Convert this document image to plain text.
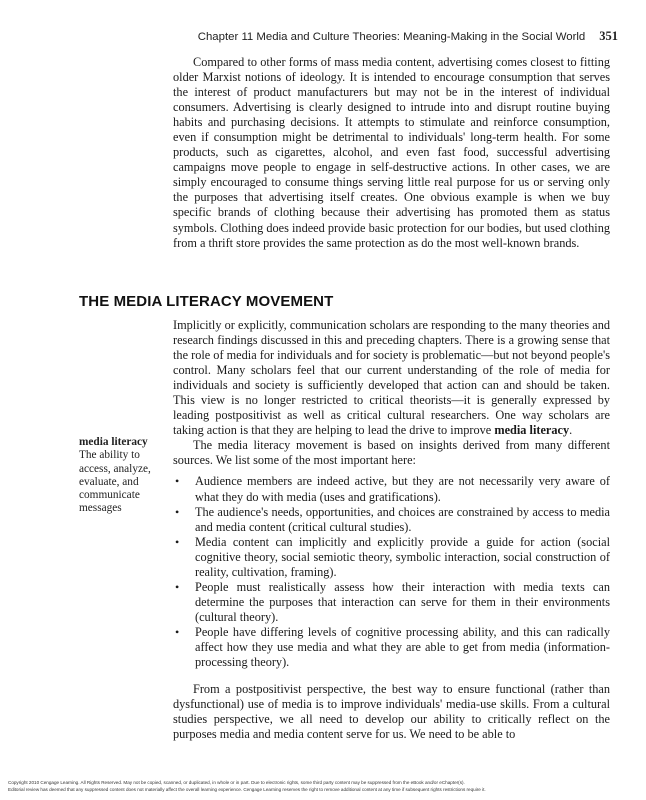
Chapter 11 Media and Culture Theories: Meaning-Making in the Social World 351

Compared to other forms of mass media content, advertising comes closest to fitting older Marxist notions of ideology. It is intended to encourage consumption that serves the interest of product manufacturers but may not be in the interest of individual consumers. Advertising is clearly designed to intrude into and disrupt routine buying habits and purchasing decisions. It attempts to stimulate and reinforce consumption, even if consumption might be detrimental to individuals' long-term health. For some products, such as cigarettes, alcohol, and even fast food, successful advertising campaigns move people to engage in self-destructive actions. In other cases, we are simply encouraged to consume things serving little real purpose for us or serving only the purposes that advertising itself creates. One obvious example is when we buy specific brands of clothing because their advertising has promoted them as status symbols. Clothing does indeed provide basic protection for our bodies, but used clothing from a thrift store provides the same protection as do the most well-known brands.

THE MEDIA LITERACY MOVEMENT
media literacy
The ability to access, analyze, evaluate, and communicate messages

Implicitly or explicitly, communication scholars are responding to the many theories and research findings discussed in this and preceding chapters. There is a growing sense that the role of media for individuals and for society is problematic—but not beyond people's control. Many scholars feel that our current understanding of the role of media for individuals and society is sufficiently developed that action can and should be taken. This view is no longer restricted to critical theorists—it is generally expressed by leading postpositivist as well as critical cultural researchers. One way scholars are taking action is that they are helping to lead the drive to improve media literacy.

The media literacy movement is based on insights derived from many different sources. We list some of the most important here:

• Audience members are indeed active, but they are not necessarily very aware of what they do with media (uses and gratifications).
• The audience's needs, opportunities, and choices are constrained by access to media and media content (critical cultural studies).
• Media content can implicitly and explicitly provide a guide for action (social cognitive theory, social semiotic theory, symbolic interaction, social construction of reality, cultivation, framing).
• People must realistically assess how their interaction with media texts can determine the purposes that interaction can serve for them in their environments (cultural theory).
• People have differing levels of cognitive processing ability, and this can radically affect how they use media and what they are able to get from media (information-processing theory).

From a postpositivist perspective, the best way to ensure functional (rather than dysfunctional) use of media is to improve individuals' media-use skills. From a cultural studies perspective, we all need to develop our ability to critically reflect on the purposes media and media content serve for us. We need to be able to

Copyright 2010 Cengage Learning. All Rights Reserved. May not be copied, scanned, or duplicated, in whole or in part. Due to electronic rights, some third party content may be suppressed from the eBook and/or eChapter(s).
Editorial review has deemed that any suppressed content does not materially affect the overall learning experience. Cengage Learning reserves the right to remove additional content at any time if subsequent rights restrictions require it.
